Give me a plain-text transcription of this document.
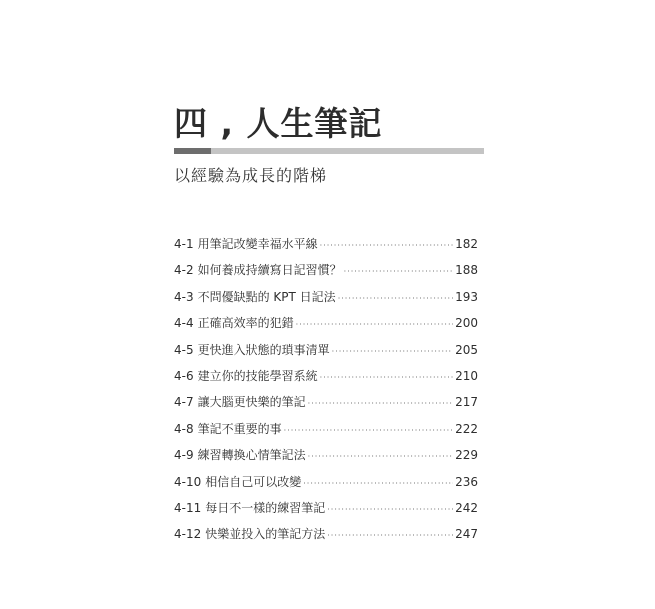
四 , 人生筆記
以經驗為成長的階梯
4-1 用筆記改變幸福水平線 ·····	182
4-2 如何養成持續寫日記習慣？ ·····	188
4-3 不問優缺點的 KPT 日記法 ·····	193
4-4 正確高效率的犯錯 ·····	200
4-5 更快進入狀態的瑣事清單 ·····	205
4-6 建立你的技能學習系統 ·····	210
4-7 讓大腦更快樂的筆記 ·····	217
4-8 筆記不重要的事 ·····	222
4-9 練習轉換心情筆記法 ·····	229
4-10 相信自己可以改變 ·····	236
4-11 每日不一樣的練習筆記 ·····	242
4-12 快樂並投入的筆記方法 ·····	247
